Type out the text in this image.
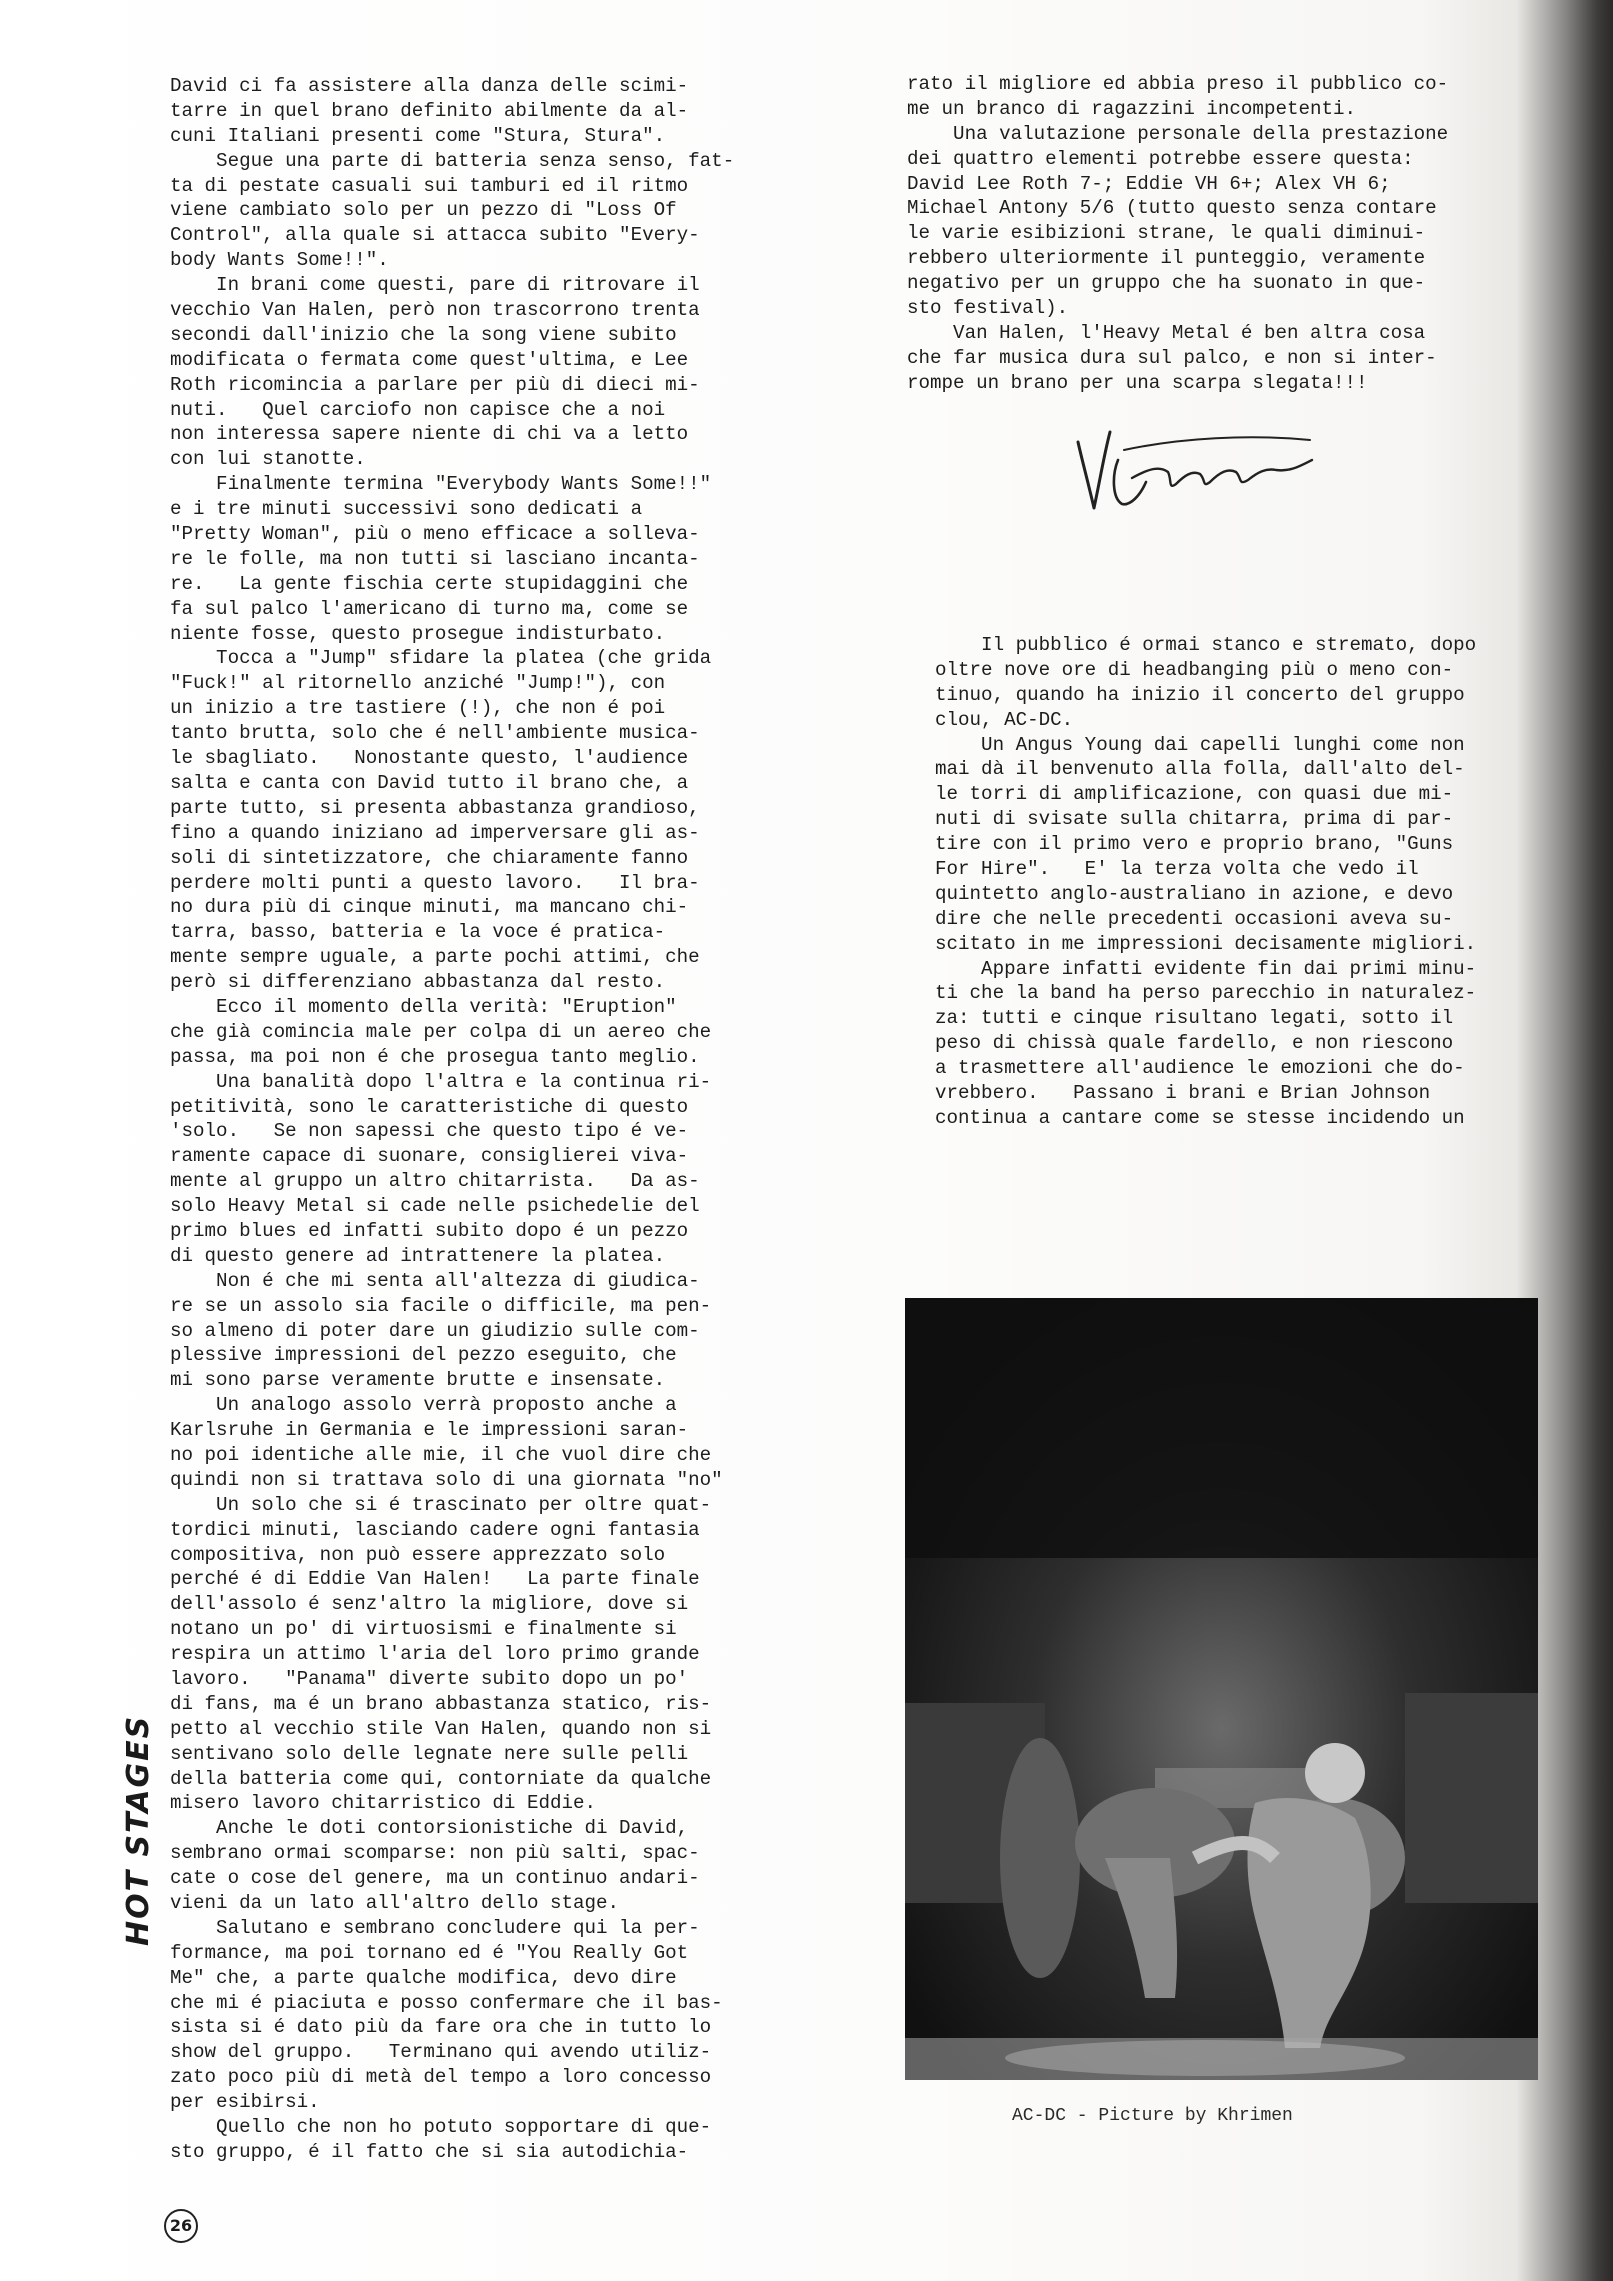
David ci fa assistere alla danza delle scimi-
tarre in quel brano definito abilmente da al-
cuni Italiani presenti come "Stura, Stura".
Segue una parte di batteria senza senso, fat-
ta di pestate casuali sui tamburi ed il ritmo
viene cambiato solo per un pezzo di "Loss Of
Control", alla quale si attacca subito "Every-
body Wants Some!!".
In brani come questi, pare di ritrovare il
vecchio Van Halen, però non trascorrono trenta
secondi dall'inizio che la song viene subito
modificata o fermata come quest'ultima, e Lee
Roth ricomincia a parlare per più di dieci mi-
nuti.   Quel carciofo non capisce che a noi
non interessa sapere niente di chi va a letto
con lui stanotte.
Finalmente termina "Everybody Wants Some!!"
e i tre minuti successivi sono dedicati a
"Pretty Woman", più o meno efficace a solleva-
re le folle, ma non tutti si lasciano incanta-
re.   La gente fischia certe stupidaggini che
fa sul palco l'americano di turno ma, come se
niente fosse, questo prosegue indisturbato.
Tocca a "Jump" sfidare la platea (che grida
"Fuck!" al ritornello anziché "Jump!"), con
un inizio a tre tastiere (!), che non é poi
tanto brutta, solo che é nell'ambiente musica-
le sbagliato.   Nonostante questo, l'audience
salta e canta con David tutto il brano che, a
parte tutto, si presenta abbastanza grandioso,
fino a quando iniziano ad imperversare gli as-
soli di sintetizzatore, che chiaramente fanno
perdere molti punti a questo lavoro.   Il bra-
no dura più di cinque minuti, ma mancano chi-
tarra, basso, batteria e la voce é pratica-
mente sempre uguale, a parte pochi attimi, che
però si differenziano abbastanza dal resto.
Ecco il momento della verità: "Eruption"
che già comincia male per colpa di un aereo che
passa, ma poi non é che prosegua tanto meglio.
Una banalità dopo l'altra e la continua ri-
petitività, sono le caratteristiche di questo
'solo.   Se non sapessi che questo tipo é ve-
ramente capace di suonare, consiglierei viva-
mente al gruppo un altro chitarrista.   Da as-
solo Heavy Metal si cade nelle psichedelie del
primo blues ed infatti subito dopo é un pezzo
di questo genere ad intrattenere la platea.
Non é che mi senta all'altezza di giudica-
re se un assolo sia facile o difficile, ma pen-
so almeno di poter dare un giudizio sulle com-
plessive impressioni del pezzo eseguito, che
mi sono parse veramente brutte e insensate.
Un analogo assolo verrà proposto anche a
Karlsruhe in Germania e le impressioni saran-
no poi identiche alle mie, il che vuol dire che
quindi non si trattava solo di una giornata "no"
Un solo che si é trascinato per oltre quat-
tordici minuti, lasciando cadere ogni fantasia
compositiva, non può essere apprezzato solo
perché é di Eddie Van Halen!   La parte finale
dell'assolo é senz'altro la migliore, dove si
notano un po' di virtuosismi e finalmente si
respira un attimo l'aria del loro primo grande
lavoro.   "Panama" diverte subito dopo un po'
di fans, ma é un brano abbastanza statico, ris-
petto al vecchio stile Van Halen, quando non si
sentivano solo delle legnate nere sulle pelli
della batteria come qui, contorniate da qualche
misero lavoro chitarristico di Eddie.
Anche le doti contorsionistiche di David,
sembrano ormai scomparse: non più salti, spac-
cate o cose del genere, ma un continuo andari-
vieni da un lato all'altro dello stage.
Salutano e sembrano concludere qui la per-
formance, ma poi tornano ed é "You Really Got
Me" che, a parte qualche modifica, devo dire
che mi é piaciuta e posso confermare che il bas-
sista si é dato più da fare ora che in tutto lo
show del gruppo.   Terminano qui avendo utiliz-
zato poco più di metà del tempo a loro concesso
per esibirsi.
Quello che non ho potuto sopportare di que-
sto gruppo, é il fatto che si sia autodichia-
rato il migliore ed abbia preso il pubblico co-
me un branco di ragazzini incompetenti.
Una valutazione personale della prestazione
dei quattro elementi potrebbe essere questa:
David Lee Roth 7-; Eddie VH 6+; Alex VH 6;
Michael Antony 5/6 (tutto questo senza contare
le varie esibizioni strane, le quali diminui-
rebbero ulteriormente il punteggio, veramente
negativo per un gruppo che ha suonato in que-
sto festival).
Van Halen, l'Heavy Metal é ben altra cosa
che far musica dura sul palco, e non si inter-
rompe un brano per una scarpa slegata!!!
Il pubblico é ormai stanco e stremato, dopo
oltre nove ore di headbanging più o meno con-
tinuo, quando ha inizio il concerto del gruppo
clou, AC-DC.
Un Angus Young dai capelli lunghi come non
mai dà il benvenuto alla folla, dall'alto del-
le torri di amplificazione, con quasi due mi-
nuti di svisate sulla chitarra, prima di par-
tire con il primo vero e proprio brano, "Guns
For Hire".   E' la terza volta che vedo il
quintetto anglo-australiano in azione, e devo
dire che nelle precedenti occasioni aveva su-
scitato in me impressioni decisamente migliori.
Appare infatti evidente fin dai primi minu-
ti che la band ha perso parecchio in naturalez-
za: tutti e cinque risultano legati, sotto il
peso di chissà quale fardello, e non riescono
a trasmettere all'audience le emozioni che do-
vrebbero.   Passano i brani e Brian Johnson
continua a cantare come se stesse incidendo un
AC-DC - Picture by Khrimen
HOT STAGES
26
